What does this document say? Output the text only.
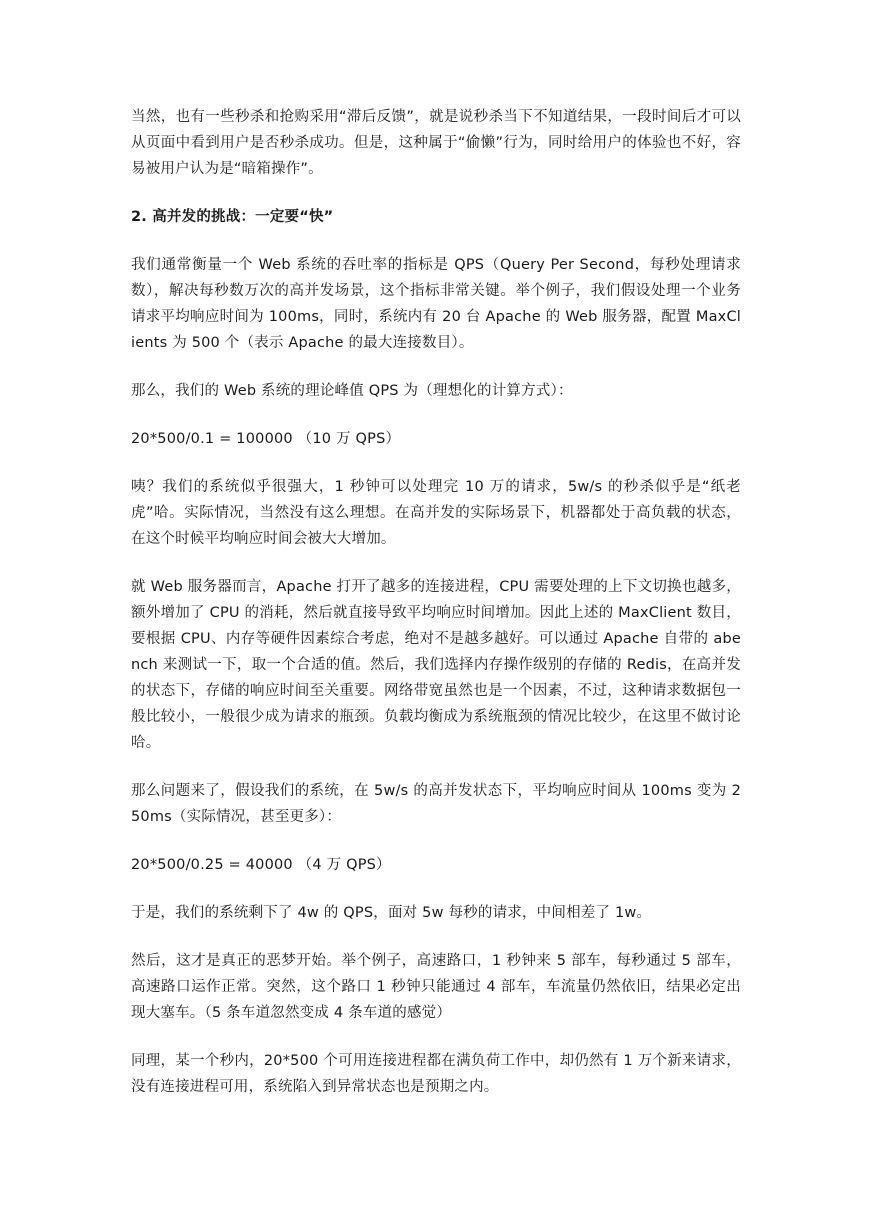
当然，也有一些秒杀和抢购采用“滞后反馈”，就是说秒杀当下不知道结果，一段时间后才可以从页面中看到用户是否秒杀成功。但是，这种属于“偷懒”行为，同时给用户的体验也不好，容易被用户认为是“暗箱操作”。

2. 高并发的挑战：一定要“快”

我们通常衡量一个 Web 系统的吞吐率的指标是 QPS（Query Per Second，每秒处理请求数），解决每秒数万次的高并发场景，这个指标非常关键。举个例子，我们假设处理一个业务请求平均响应时间为 100ms，同时，系统内有 20 台 Apache 的 Web 服务器，配置 MaxClients 为 500 个（表示 Apache 的最大连接数目）。

那么，我们的 Web 系统的理论峰值 QPS 为（理想化的计算方式）：

20*500/0.1 = 100000 （10 万 QPS）

咦？我们的系统似乎很强大，1 秒钟可以处理完 10 万的请求，5w/s 的秒杀似乎是“纸老虎”哈。实际情况，当然没有这么理想。在高并发的实际场景下，机器都处于高负载的状态，在这个时候平均响应时间会被大大增加。

就 Web 服务器而言，Apache 打开了越多的连接进程，CPU 需要处理的上下文切换也越多，额外增加了 CPU 的消耗，然后就直接导致平均响应时间增加。因此上述的 MaxClient 数目，要根据 CPU、内存等硬件因素综合考虑，绝对不是越多越好。可以通过 Apache 自带的 abench 来测试一下，取一个合适的值。然后，我们选择内存操作级别的存储的 Redis，在高并发的状态下，存储的响应时间至关重要。网络带宽虽然也是一个因素，不过，这种请求数据包一般比较小，一般很少成为请求的瓶颈。负载均衡成为系统瓶颈的情况比较少，在这里不做讨论哈。

那么问题来了，假设我们的系统，在 5w/s 的高并发状态下，平均响应时间从 100ms 变为 250ms（实际情况，甚至更多）：

20*500/0.25 = 40000 （4 万 QPS）

于是，我们的系统剩下了 4w 的 QPS，面对 5w 每秒的请求，中间相差了 1w。

然后，这才是真正的恶梦开始。举个例子，高速路口，1 秒钟来 5 部车，每秒通过 5 部车，高速路口运作正常。突然，这个路口 1 秒钟只能通过 4 部车，车流量仍然依旧，结果必定出现大塞车。（5 条车道忽然变成 4 条车道的感觉）

同理，某一个秒内，20*500 个可用连接进程都在满负荷工作中，却仍然有 1 万个新来请求，没有连接进程可用，系统陷入到异常状态也是预期之内。
